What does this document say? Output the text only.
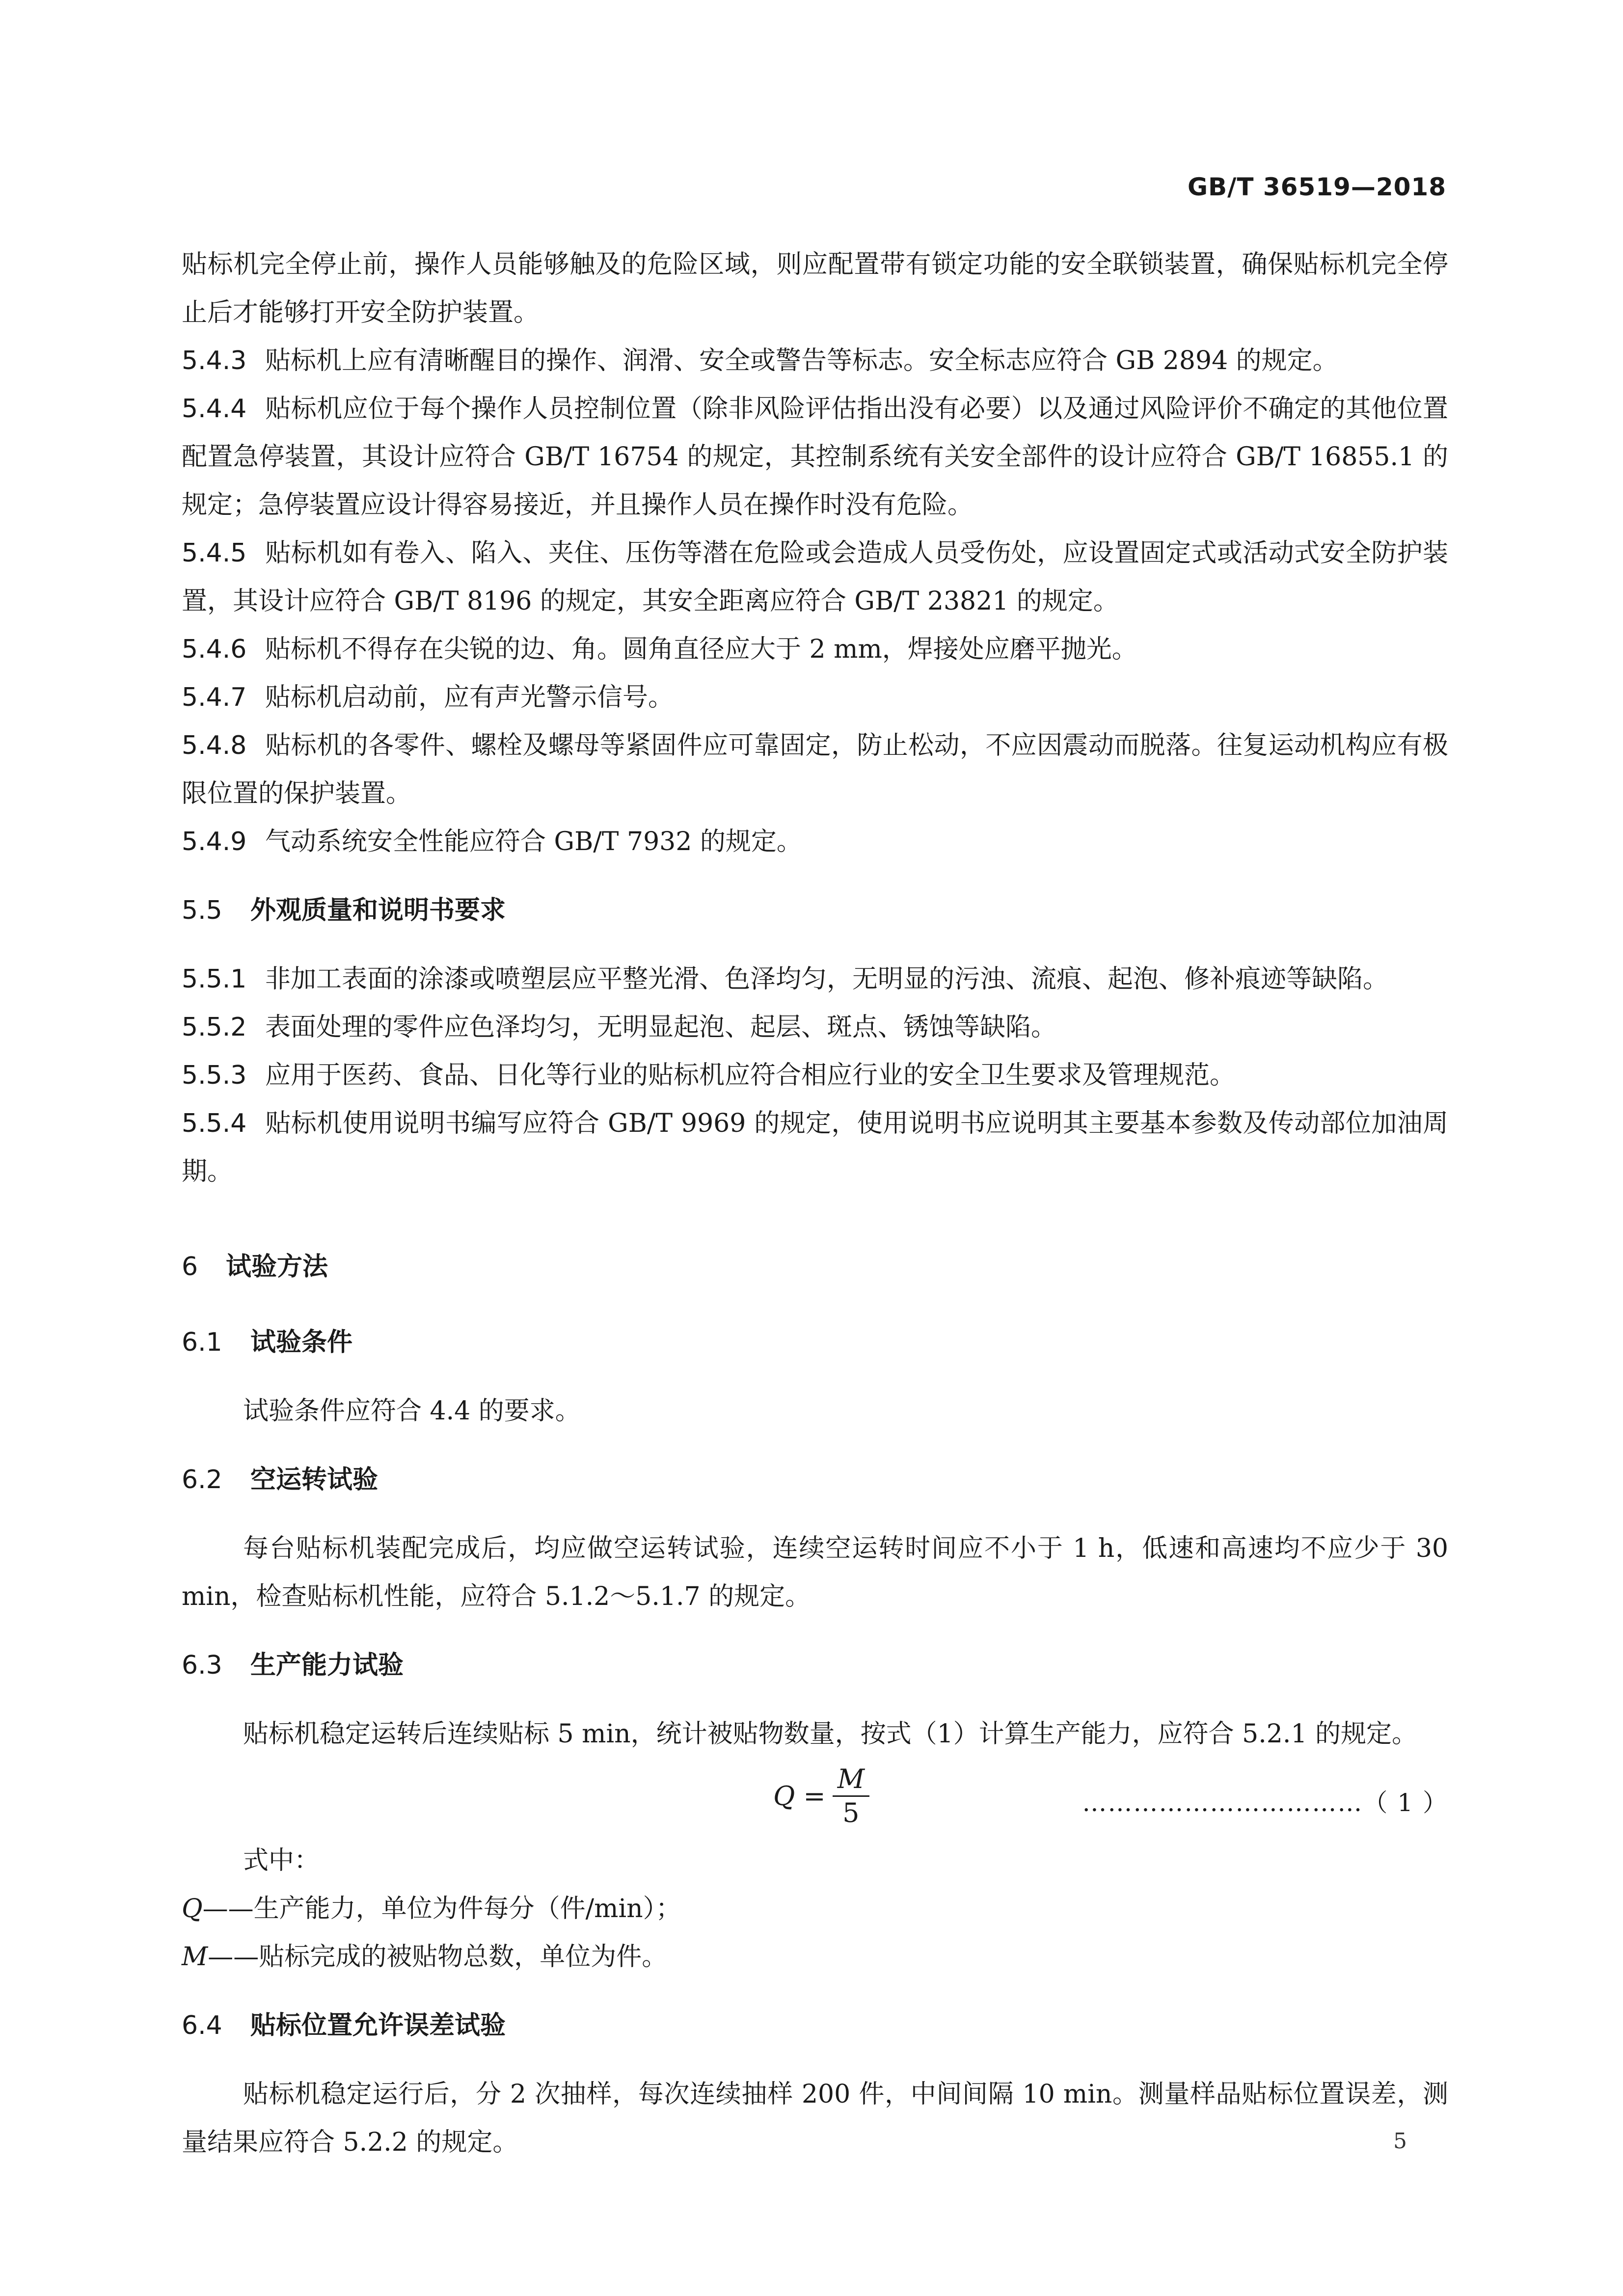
GB/T 36519—2018

贴标机完全停止前，操作人员能够触及的危险区域，则应配置带有锁定功能的安全联锁装置，确保贴标机完全停止后才能够打开安全防护装置。

5.4.3 贴标机上应有清晰醒目的操作、润滑、安全或警告等标志。安全标志应符合 GB 2894 的规定。

5.4.4 贴标机应位于每个操作人员控制位置（除非风险评估指出没有必要）以及通过风险评价不确定的其他位置配置急停装置，其设计应符合 GB/T 16754 的规定，其控制系统有关安全部件的设计应符合 GB/T 16855.1 的规定；急停装置应设计得容易接近，并且操作人员在操作时没有危险。

5.4.5 贴标机如有卷入、陷入、夹住、压伤等潜在危险或会造成人员受伤处，应设置固定式或活动式安全防护装置，其设计应符合 GB/T 8196 的规定，其安全距离应符合 GB/T 23821 的规定。

5.4.6 贴标机不得存在尖锐的边、角。圆角直径应大于 2 mm，焊接处应磨平抛光。

5.4.7 贴标机启动前，应有声光警示信号。

5.4.8 贴标机的各零件、螺栓及螺母等紧固件应可靠固定，防止松动，不应因震动而脱落。往复运动机构应有极限位置的保护装置。

5.4.9 气动系统安全性能应符合 GB/T 7932 的规定。

5.5 外观质量和说明书要求

5.5.1 非加工表面的涂漆或喷塑层应平整光滑、色泽均匀，无明显的污浊、流痕、起泡、修补痕迹等缺陷。

5.5.2 表面处理的零件应色泽均匀，无明显起泡、起层、斑点、锈蚀等缺陷。

5.5.3 应用于医药、食品、日化等行业的贴标机应符合相应行业的安全卫生要求及管理规范。

5.5.4 贴标机使用说明书编写应符合 GB/T 9969 的规定，使用说明书应说明其主要基本参数及传动部位加油周期。

6 试验方法

6.1 试验条件

试验条件应符合 4.4 的要求。

6.2 空运转试验

每台贴标机装配完成后，均应做空运转试验，连续空运转时间应不小于 1 h，低速和高速均不应少于 30 min，检查贴标机性能，应符合 5.1.2～5.1.7 的规定。

6.3 生产能力试验

贴标机稳定运转后连续贴标 5 min，统计被贴物数量，按式（1）计算生产能力，应符合 5.2.1 的规定。

$Q = \frac{M}{5}$	……………………………（ 1 ）

式中：

Q——生产能力，单位为件每分（件/min）；

M——贴标完成的被贴物总数，单位为件。

6.4 贴标位置允许误差试验

贴标机稳定运行后，分 2 次抽样，每次连续抽样 200 件，中间间隔 10 min。测量样品贴标位置误差，测量结果应符合 5.2.2 的规定。	5
